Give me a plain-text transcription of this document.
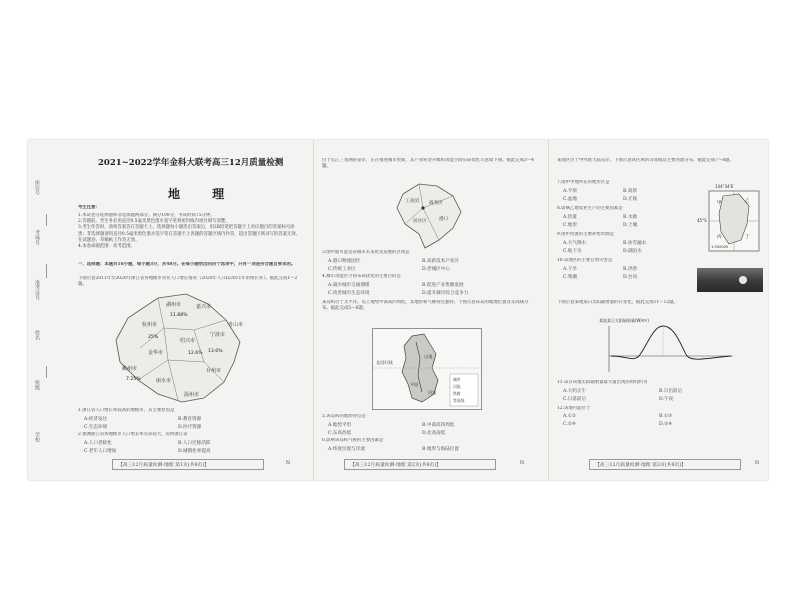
座位号
考场号
准考证号
姓名
班级
学校
2021~2022学年金科大联考高三12月质量检测
地 理
考生注意：
1.本试卷分选择题和非选择题两部分。满分100分，考试时间75分钟。
2.答题前，考生务必用直径0.5毫米黑色墨水签字笔将密封线内项目填写清楚。
3.考生作答时，请将答案答在答题卡上。选择题每小题选出答案后，用2B铅笔把答题卡上对应题目的答案标号涂黑；非选择题请用直径0.5毫米黑色墨水签字笔在答题卡上各题的答题区域内作答，超出答题区域书写的答案无效，在试题卷、草稿纸上作答无效。
4.本卷命题范围：高考范围。
一、选择题：本题共16小题，每小题3分，共48分。在每小题给出的四个选项中，只有一项是符合题目要求的。
下图示意2011年至2020年浙江省各地级市常住人口增长情况（2020年人口较2011年的增长率）。据此完成1～2题。
湖州市	嘉兴市
杭州市
绍兴市
宁波市
金华市
衢州市	台州市
丽水市
温州市
舟山市
11.88%
12.6%
25%
7.25%
13.6%
1.浙江省人口增长率较高的地级市，其主要原因是
A.经济发达	B.教育资源
C.生态环境	D.医疗资源
2.推测浙江省各地级市人口增长率差异较大，说明浙江省
A.人口老龄化	B.人口迁移活跃
C.老年人口增加	D.城镇化率提高
【高三12月质量检测·地理 第1页(共6页)】	N
位于长江三角洲的某市，正在推进城市更新，其产业转型升级和功能空间布局优化示意如下图。据此完成3～4题。
工业园 商务区
居住区	港口
3.图中最可能是该城市未来优先发展的区域是
A.港口物流园区	B.高新技术产业区
C.传统工业区	D.老城区中心
4.城市功能区空间布局优化的主要目的是
A.减少城市交通拥堵	B.促进产业集聚发展
C.改善城市生态环境	D.提升城市综合竞争力
某岛屿位于太平洋，岛上地势中部高四周低，其地形和气候特点独特。下图示意该岛的地理位置及等高线分布。据此完成5～6题。
北回归线
山地
平原
河流
城市
河流
铁路
等高线
5.该岛屿的地形特点是
A.地势平坦	B.中部高四周低
C.东高西低	D.北高南低
6.影响该岛屿气候的主要因素是
A.纬度位置与洋流	B.地形与海陆位置
【高三12月质量检测·地理 第2页(共6页)】	N
某地区位于中纬度大陆东岸，下图示意该区域的等高线及主要河流分布。据此完成7～8题。
7.图中甲地所在的地形区是
A.平原	B.高原
C.盆地	D.丘陵
8.影响乙地农业生产的主要因素是
A.热量	B.水源
C.地形	D.土壤
9.图中河流的主要补给水源是
A.大气降水	B.冰雪融水
C.地下水	D.湖泊水
144°34'E
45°S
甲	乙
丙	丁
1:500000
10.该地区的主要自然灾害是
A.干旱	B.洪涝
C.寒潮	D.台风
下图示意某地某日太阳辐射量的日变化。据此完成11～12题。
某地某日太阳辐射量(W/m²)
11.该日该地太阳辐射量最大值出现的时间约为
A.大约正午	B.日出前后
C.日落前后	D.午夜
12.该地可能位于
A.①②	B.①③
C.②④	D.③④
【高三12月质量检测·地理 第3页(共6页)】	N
